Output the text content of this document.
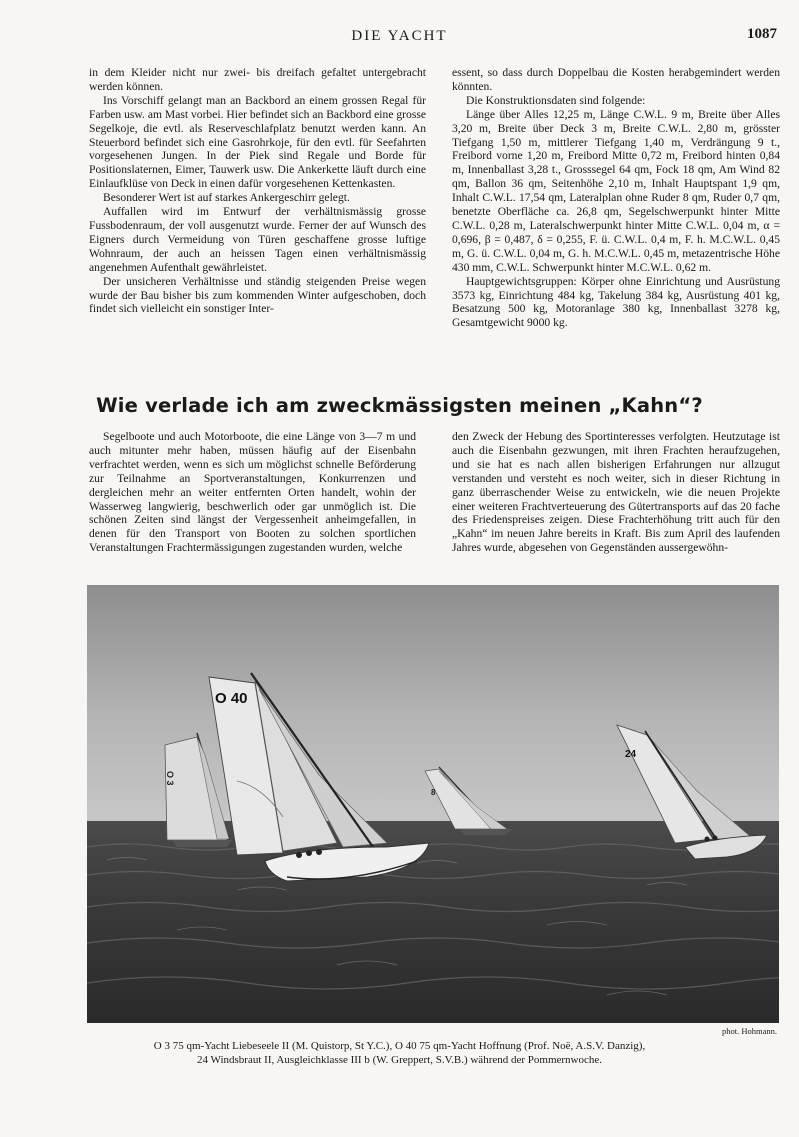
DIE YACHT	1087

in dem Kleider nicht nur zwei- bis dreifach gefaltet untergebracht werden können.

Ins Vorschiff gelangt man an Backbord an einem grossen Regal für Farben usw. am Mast vorbei. Hier befindet sich an Backbord eine grosse Segelkoje, die evtl. als Reserveschlafplatz benutzt werden kann. An Steuerbord befindet sich eine Gasrohrkoje, für den evtl. für Seefahrten vorgesehenen Jungen. In der Piek sind Regale und Borde für Positionslaternen, Eimer, Tauwerk usw. Die Ankerkette läuft durch eine Einlaufklüse von Deck in einen dafür vorgesehenen Kettenkasten.

Besonderer Wert ist auf starkes Ankergeschirr gelegt.

Auffallen wird im Entwurf der verhältnismässig grosse Fussbodenraum, der voll ausgenutzt wurde. Ferner der auf Wunsch des Eigners durch Vermeidung von Türen geschaffene grosse luftige Wohnraum, der auch an heissen Tagen einen verhältnismässig angenehmen Aufenthalt gewährleistet.

Der unsicheren Verhältnisse und ständig steigenden Preise wegen wurde der Bau bisher bis zum kommenden Winter aufgeschoben, doch findet sich vielleicht ein sonstiger Inter-

essent, so dass durch Doppelbau die Kosten herabgemindert werden könnten.

Die Konstruktionsdaten sind folgende:

Länge über Alles 12,25 m, Länge C.W.L. 9 m, Breite über Alles 3,20 m, Breite über Deck 3 m, Breite C.W.L. 2,80 m, grösster Tiefgang 1,50 m, mittlerer Tiefgang 1,40 m, Verdrängung 9 t., Freibord vorne 1,20 m, Freibord Mitte 0,72 m, Freibord hinten 0,84 m, Innenballast 3,28 t., Grosssegel 64 qm, Fock 18 qm, Am Wind 82 qm, Ballon 36 qm, Seitenhöhe 2,10 m, Inhalt Hauptspant 1,9 qm, Inhalt C.W.L. 17,54 qm, Lateralplan ohne Ruder 8 qm, Ruder 0,7 qm, benetzte Oberfläche ca. 26,8 qm, Segelschwerpunkt hinter Mitte C.W.L. 0,28 m, Lateralschwerpunkt hinter Mitte C.W.L. 0,04 m, α = 0,696, β = 0,487, δ = 0,255, F. ü. C.W.L. 0,4 m, F. h. M.C.W.L. 0,45 m, G. ü. C.W.L. 0,04 m, G. h. M.C.W.L. 0,45 m, metazentrische Höhe 430 mm, C.W.L. Schwerpunkt hinter M.C.W.L. 0,62 m.

Hauptgewichtsgruppen: Körper ohne Einrichtung und Ausrüstung 3573 kg, Einrichtung 484 kg, Takelung 384 kg, Ausrüstung 401 kg, Besatzung 500 kg, Motoranlage 380 kg, Innenballast 3278 kg, Gesamtgewicht 9000 kg.

Wie verlade ich am zweckmässigsten meinen „Kahn“?

Segelboote und auch Motorboote, die eine Länge von 3—7 m und auch mitunter mehr haben, müssen häufig auf der Eisenbahn verfrachtet werden, wenn es sich um möglichst schnelle Beförderung zur Teilnahme an Sportveranstaltungen, Konkurrenzen und dergleichen mehr an weiter entfernten Orten handelt, wohin der Wasserweg langwierig, beschwerlich oder gar unmöglich ist. Die schönen Zeiten sind längst der Vergessenheit anheimgefallen, in denen für den Transport von Booten zu solchen sportlichen Veranstaltungen Frachtermässigungen zugestanden wurden, welche

den Zweck der Hebung des Sportinteresses verfolgten. Heutzutage ist auch die Eisenbahn gezwungen, mit ihren Frachten heraufzugehen, und sie hat es nach allen bisherigen Erfahrungen nur allzugut verstanden und versteht es noch weiter, sich in dieser Richtung in ganz überraschender Weise zu entwickeln, wie die neuen Projekte einer weiteren Frachtverteuerung des Gütertransports auf das 20 fache des Friedenspreises zeigen. Diese Frachterhöhung tritt auch für den „Kahn“ im neuen Jahre bereits in Kraft. Bis zum April des laufenden Jahres wurde, abgesehen von Gegenständen aussergewöhn-

O 3
O 40
8
24
phot. Hohmann.
O 3 75 qm-Yacht Liebeseele II (M. Quistorp, St Y.C.), O 40 75 qm-Yacht Hoffnung (Prof. Noë, A.S.V. Danzig),
24 Windsbraut II, Ausgleichklasse III b (W. Greppert, S.V.B.) während der Pommernwoche.
